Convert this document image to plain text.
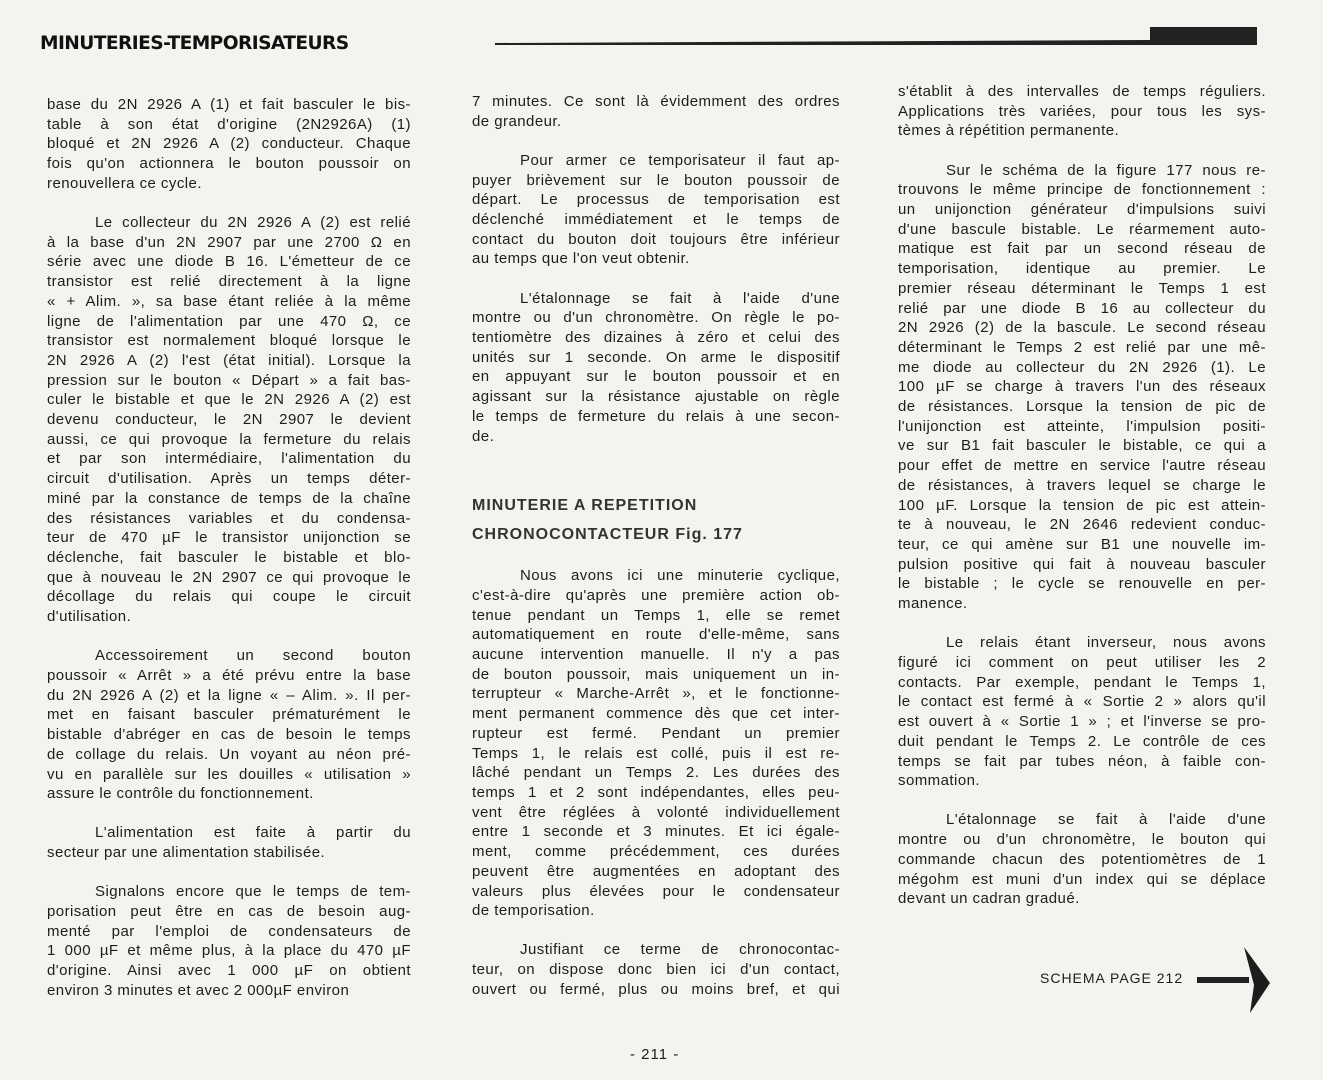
MINUTERIES-TEMPORISATEURS
base du 2N 2926 A (1) et fait basculer le bis-
table à son état d'origine (2N2926A) (1)
bloqué et 2N 2926 A (2) conducteur. Chaque
fois qu'on actionnera le bouton poussoir on
renouvellera ce cycle.
Le collecteur du 2N 2926 A (2) est relié
à la base d'un 2N 2907 par une 2700 Ω en
série avec une diode B 16. L'émetteur de ce
transistor est relié directement à la ligne
« + Alim. », sa base étant reliée à la même
ligne de l'alimentation par une 470 Ω, ce
transistor est normalement bloqué lorsque le
2N 2926 A (2) l'est (état initial). Lorsque la
pression sur le bouton « Départ » a fait bas-
culer le bistable et que le 2N 2926 A (2) est
devenu conducteur, le 2N 2907 le devient
aussi, ce qui provoque la fermeture du relais
et par son intermédiaire, l'alimentation du
circuit d'utilisation. Après un temps déter-
miné par la constance de temps de la chaîne
des résistances variables et du condensa-
teur de 470 µF le transistor unijonction se
déclenche, fait basculer le bistable et blo-
que à nouveau le 2N 2907 ce qui provoque le
décollage du relais qui coupe le circuit
d'utilisation.
Accessoirement un second bouton
poussoir « Arrêt » a été prévu entre la base
du 2N 2926 A (2) et la ligne « – Alim. ». Il per-
met en faisant basculer prématurément le
bistable d'abréger en cas de besoin le temps
de collage du relais. Un voyant au néon pré-
vu en parallèle sur les douilles « utilisation »
assure le contrôle du fonctionnement.
L'alimentation est faite à partir du
secteur par une alimentation stabilisée.
Signalons encore que le temps de tem-
porisation peut être en cas de besoin aug-
menté par l'emploi de condensateurs de
1 000 µF et même plus, à la place du 470 µF
d'origine. Ainsi avec 1 000 µF on obtient
environ 3 minutes et avec 2 000µF environ
7 minutes. Ce sont là évidemment des ordres
de grandeur.
Pour armer ce temporisateur il faut ap-
puyer brièvement sur le bouton poussoir de
départ. Le processus de temporisation est
déclenché immédiatement et le temps de
contact du bouton doit toujours être inférieur
au temps que l'on veut obtenir.
L'étalonnage se fait à l'aide d'une
montre ou d'un chronomètre. On règle le po-
tentiomètre des dizaines à zéro et celui des
unités sur 1 seconde. On arme le dispositif
en appuyant sur le bouton poussoir et en
agissant sur la résistance ajustable on règle
le temps de fermeture du relais à une secon-
de.
MINUTERIE A REPETITION
CHRONOCONTACTEUR Fig. 177
Nous avons ici une minuterie cyclique,
c'est-à-dire qu'après une première action ob-
tenue pendant un Temps 1, elle se remet
automatiquement en route d'elle-même, sans
aucune intervention manuelle. Il n'y a pas
de bouton poussoir, mais uniquement un in-
terrupteur « Marche-Arrêt », et le fonctionne-
ment permanent commence dès que cet inter-
rupteur est fermé. Pendant un premier
Temps 1, le relais est collé, puis il est re-
lâché pendant un Temps 2. Les durées des
temps 1 et 2 sont indépendantes, elles peu-
vent être réglées à volonté individuellement
entre 1 seconde et 3 minutes. Et ici égale-
ment, comme précédemment, ces durées
peuvent être augmentées en adoptant des
valeurs plus élevées pour le condensateur
de temporisation.
Justifiant ce terme de chronocontac-
teur, on dispose donc bien ici d'un contact,
ouvert ou fermé, plus ou moins bref, et qui
s'établit à des intervalles de temps réguliers.
Applications très variées, pour tous les sys-
tèmes à répétition permanente.
Sur le schéma de la figure 177 nous re-
trouvons le même principe de fonctionnement :
un unijonction générateur d'impulsions suivi
d'une bascule bistable. Le réarmement auto-
matique est fait par un second réseau de
temporisation, identique au premier. Le
premier réseau déterminant le Temps 1 est
relié par une diode B 16 au collecteur du
2N 2926 (2) de la bascule. Le second réseau
déterminant le Temps 2 est relié par une mê-
me diode au collecteur du 2N 2926 (1). Le
100 µF se charge à travers l'un des réseaux
de résistances. Lorsque la tension de pic de
l'unijonction est atteinte, l'impulsion positi-
ve sur B1 fait basculer le bistable, ce qui a
pour effet de mettre en service l'autre réseau
de résistances, à travers lequel se charge le
100 µF. Lorsque la tension de pic est attein-
te à nouveau, le 2N 2646 redevient conduc-
teur, ce qui amène sur B1 une nouvelle im-
pulsion positive qui fait à nouveau basculer
le bistable ; le cycle se renouvelle en per-
manence.
Le relais étant inverseur, nous avons
figuré ici comment on peut utiliser les 2
contacts. Par exemple, pendant le Temps 1,
le contact est fermé à « Sortie 2 » alors qu'il
est ouvert à « Sortie 1 » ; et l'inverse se pro-
duit pendant le Temps 2. Le contrôle de ces
temps se fait par tubes néon, à faible con-
sommation.
L'étalonnage se fait à l'aide d'une
montre ou d'un chronomètre, le bouton qui
commande chacun des potentiomètres de 1
mégohm est muni d'un index qui se déplace
devant un cadran gradué.
SCHEMA PAGE 212
- 211 -
